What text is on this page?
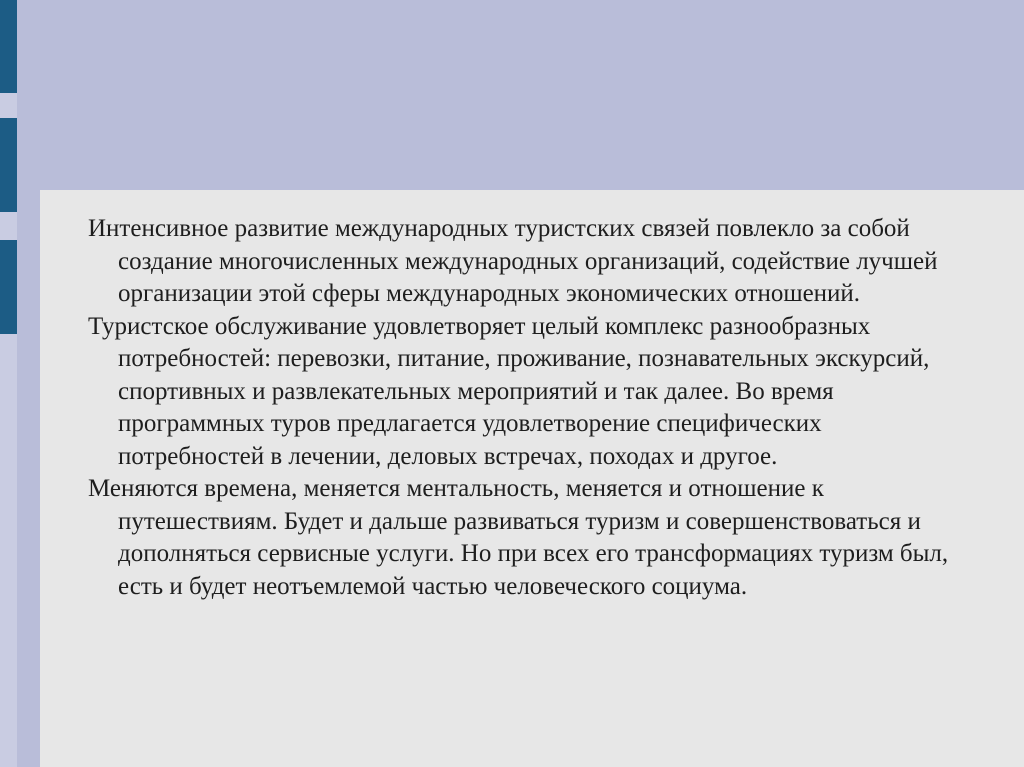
Интенсивное развитие международных туристских связей повлекло за собой создание многочисленных международных организаций, содействие лучшей организации этой сферы международных экономических отношений.

Туристское обслуживание удовлетворяет целый комплекс разнообразных потребностей: перевозки, питание, проживание, познавательных экскурсий, спортивных и развлекательных мероприятий и так далее. Во время программных туров предлагается удовлетворение специфических потребностей в лечении, деловых встречах, походах и другое.

Меняются времена, меняется ментальность, меняется и отношение к путешествиям. Будет и дальше развиваться туризм и совершенствоваться и дополняться сервисные услуги. Но при всех его трансформациях туризм был, есть и будет неотъемлемой частью человеческого социума.
